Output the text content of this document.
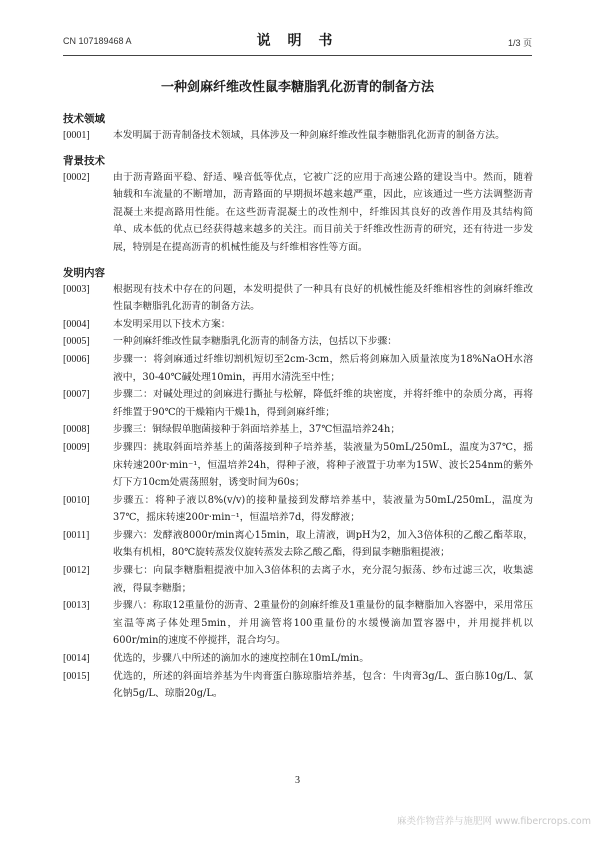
CN 107189468 A	说 明 书	1/3 页
一种剑麻纤维改性鼠李糖脂乳化沥青的制备方法

技术领域

[0001]	本发明属于沥青制备技术领域，具体涉及一种剑麻纤维改性鼠李糖脂乳化沥青的制备方法。

背景技术

[0002]	由于沥青路面平稳、舒适、噪音低等优点，它被广泛的应用于高速公路的建设当中。然而，随着轴载和车流量的不断增加，沥青路面的早期损坏越来越严重，因此，应该通过一些方法调整沥青混凝土来提高路用性能。在这些沥青混凝土的改性剂中，纤维因其良好的改善作用及其结构简单、成本低的优点已经获得越来越多的关注。而目前关于纤维改性沥青的研究，还有待进一步发展，特别是在提高沥青的机械性能及与纤维相容性等方面。

发明内容

[0003]	根据现有技术中存在的问题，本发明提供了一种具有良好的机械性能及纤维相容性的剑麻纤维改性鼠李糖脂乳化沥青的制备方法。
[0004]	本发明采用以下技术方案：
[0005]	一种剑麻纤维改性鼠李糖脂乳化沥青的制备方法，包括以下步骤：
[0006]	步骤一：将剑麻通过纤维切割机短切至2cm-3cm，然后将剑麻加入质量浓度为18%NaOH水溶液中，30-40℃碱处理10min，再用水清洗至中性；
[0007]	步骤二：对碱处理过的剑麻进行撕扯与松解，降低纤维的块密度，并将纤维中的杂质分离，再将纤维置于90℃的干燥箱内干燥1h，得到剑麻纤维；
[0008]	步骤三：铜绿假单胞菌接种于斜面培养基上，37℃恒温培养24h；
[0009]	步骤四：挑取斜面培养基上的菌落接到种子培养基，装液量为50mL/250mL，温度为37℃，摇床转速200r·min⁻¹，恒温培养24h，得种子液，将种子液置于功率为15W、波长254nm的紫外灯下方10cm处震荡照射，诱变时间为60s；
[0010]	步骤五：将种子液以8%(v/v)的接种量接到发酵培养基中，装液量为50mL/250mL，温度为37℃，摇床转速200r·min⁻¹，恒温培养7d，得发酵液；
[0011]	步骤六：发酵液8000r/min离心15min，取上清液，调pH为2，加入3倍体积的乙酸乙酯萃取，收集有机相，80℃旋转蒸发仪旋转蒸发去除乙酸乙酯，得到鼠李糖脂粗提液；
[0012]	步骤七：向鼠李糖脂粗提液中加入3倍体积的去离子水，充分混匀振荡、纱布过滤三次，收集滤液，得鼠李糖脂；
[0013]	步骤八：称取12重量份的沥青、2重量份的剑麻纤维及1重量份的鼠李糖脂加入容器中，采用常压室温等离子体处理5min，并用滴管将100重量份的水缓慢滴加置容器中，并用搅拌机以600r/min的速度不停搅拌，混合均匀。
[0014]	优选的，步骤八中所述的滴加水的速度控制在10mL/min。
[0015]	优选的，所述的斜面培养基为牛肉膏蛋白胨琼脂培养基，包含：牛肉膏3g/L、蛋白胨10g/L、氯化钠5g/L、琼脂20g/L。
3
麻类作物营养与施肥网 www.fibercrops.com
